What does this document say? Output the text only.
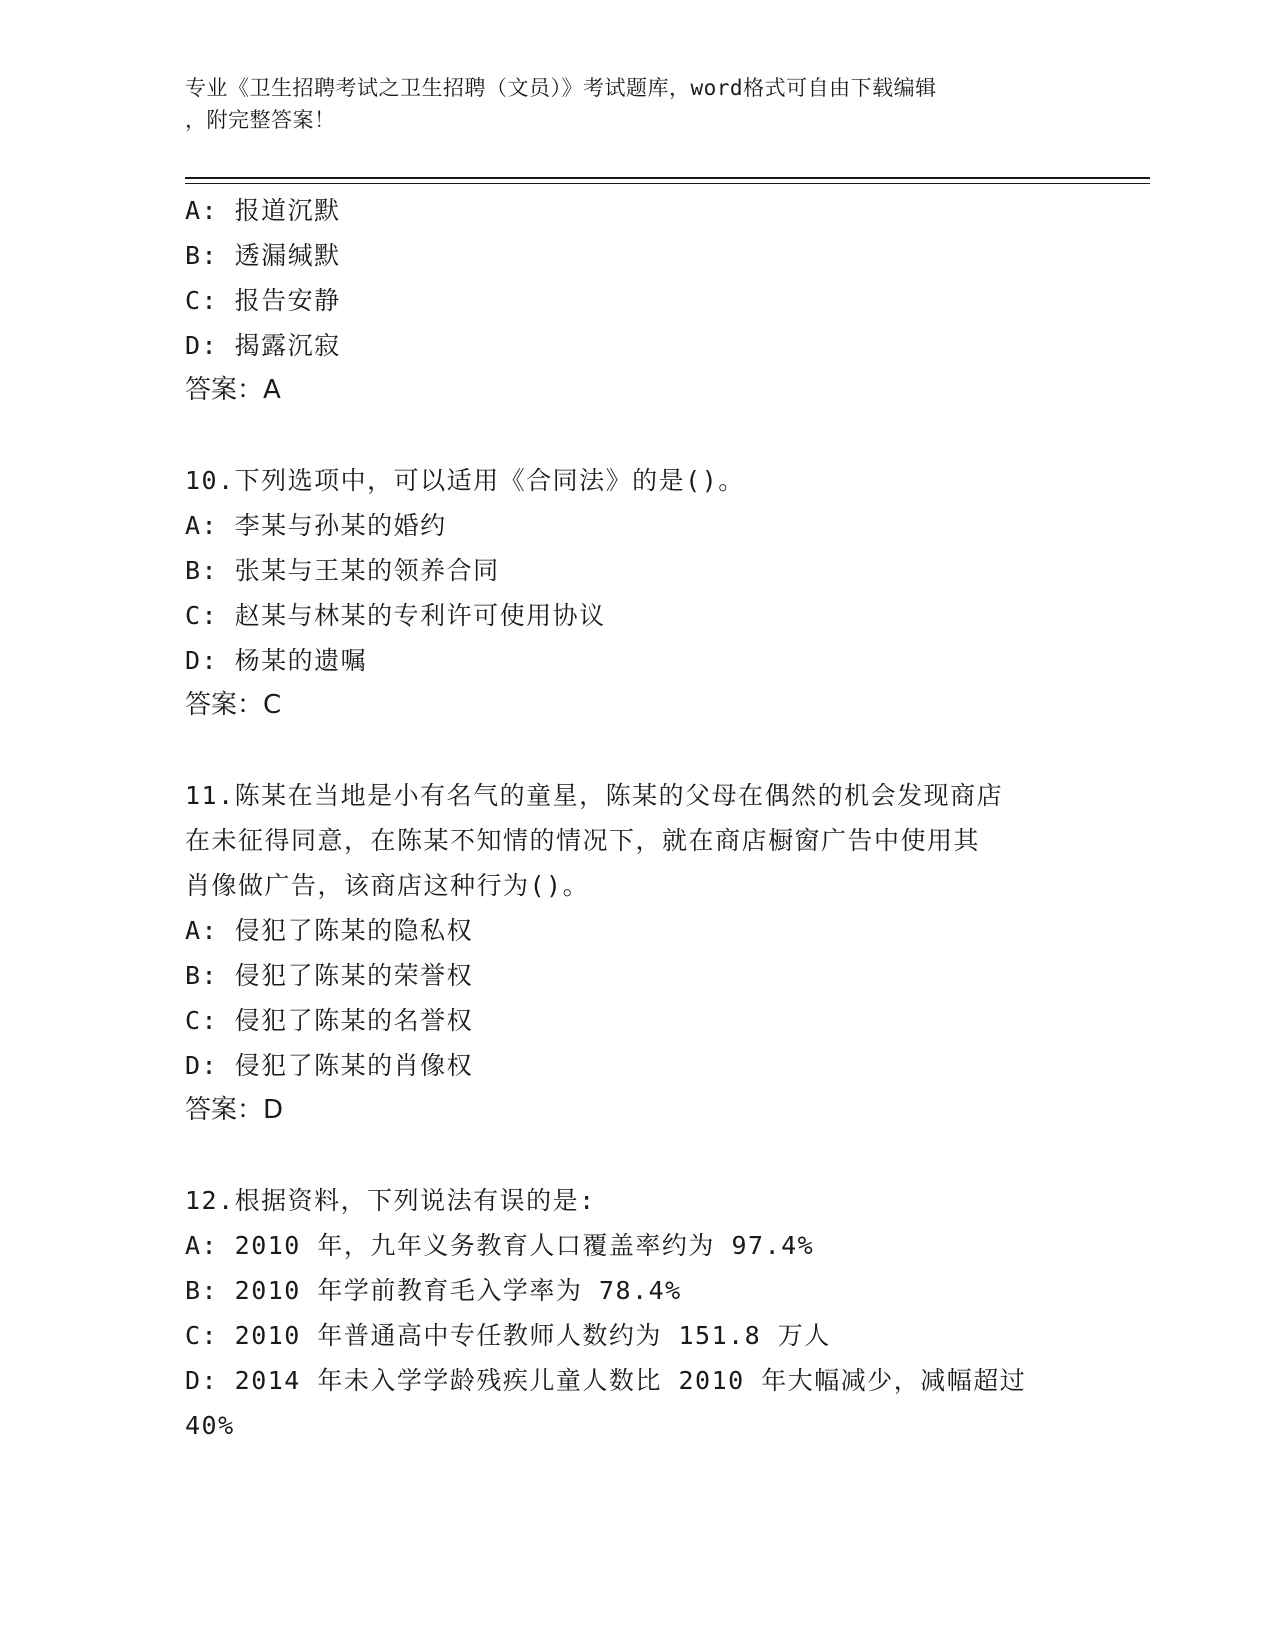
专业《卫生招聘考试之卫生招聘（文员）》考试题库，word格式可自由下载编辑
，附完整答案！
A: 报道沉默
B: 透漏缄默
C: 报告安静
D: 揭露沉寂
答案：A
10.下列选项中，可以适用《合同法》的是()。
A: 李某与孙某的婚约
B: 张某与王某的领养合同
C: 赵某与林某的专利许可使用协议
D: 杨某的遗嘱
答案：C
11.陈某在当地是小有名气的童星，陈某的父母在偶然的机会发现商店
在未征得同意，在陈某不知情的情况下，就在商店橱窗广告中使用其
肖像做广告，该商店这种行为()。
A: 侵犯了陈某的隐私权
B: 侵犯了陈某的荣誉权
C: 侵犯了陈某的名誉权
D: 侵犯了陈某的肖像权
答案：D
12.根据资料，下列说法有误的是:
A: 2010 年，九年义务教育人口覆盖率约为 97.4%
B: 2010 年学前教育毛入学率为 78.4%
C: 2010 年普通高中专任教师人数约为 151.8 万人
D: 2014 年未入学学龄残疾儿童人数比 2010 年大幅减少，减幅超过
40%
